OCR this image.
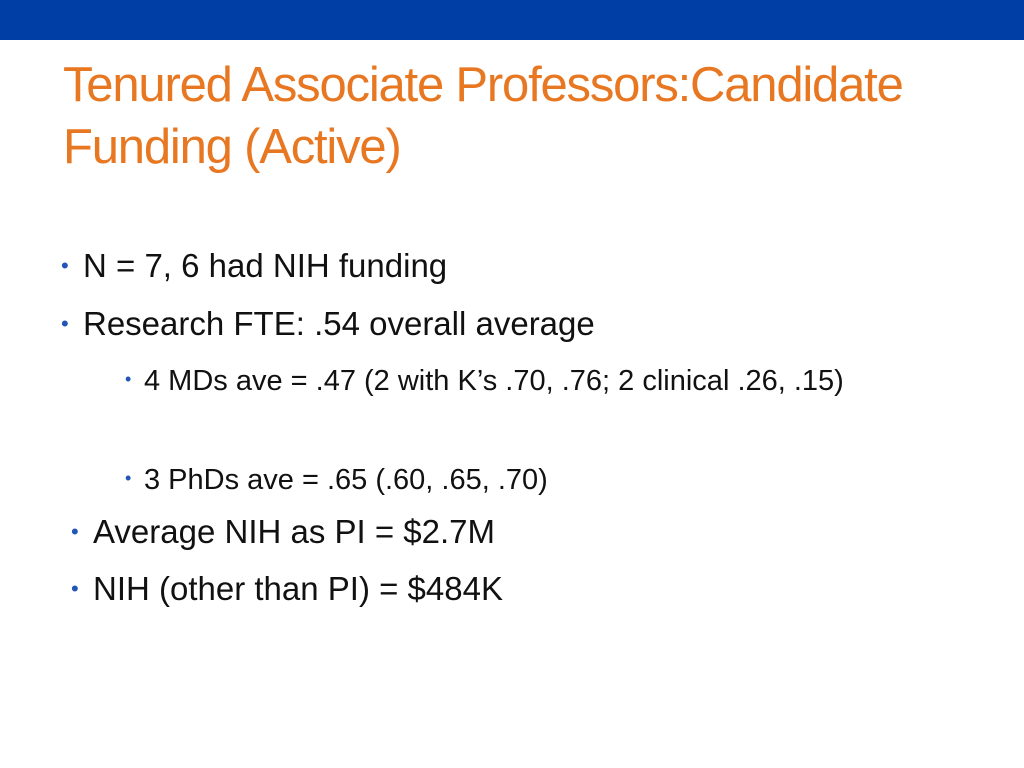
Tenured Associate Professors:Candidate Funding (Active)
• N = 7, 6 had NIH funding
• Research FTE: .54 overall average
• 4 MDs ave = .47 (2 with K’s .70, .76; 2 clinical .26, .15)
• 3 PhDs ave = .65 (.60, .65, .70)
• Average NIH as PI = $2.7M
• NIH (other than PI) = $484K
